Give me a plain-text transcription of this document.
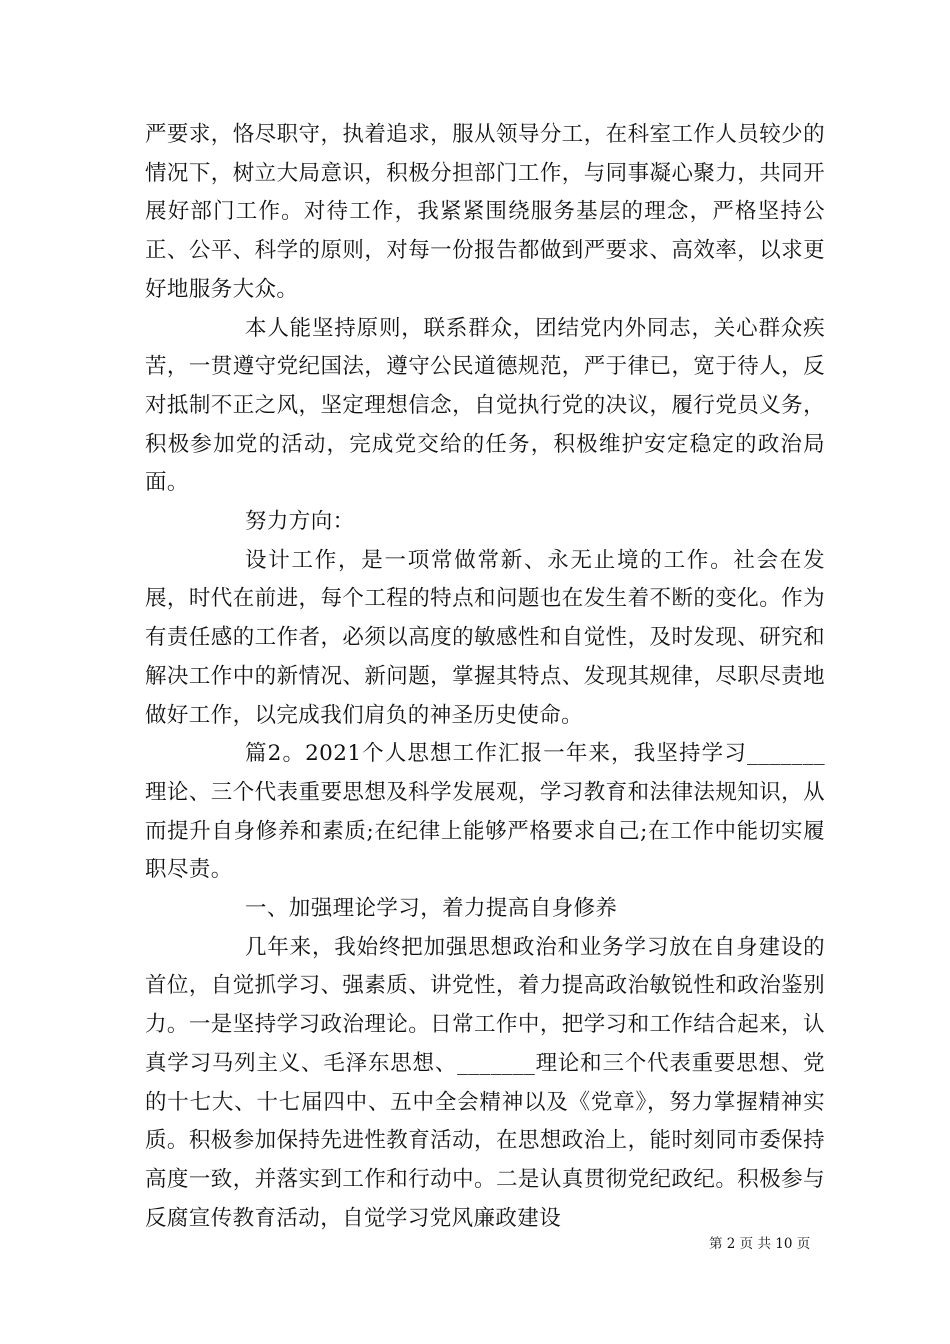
严要求，恪尽职守，执着追求，服从领导分工，在科室工作人员较少的情况下，树立大局意识，积极分担部门工作，与同事凝心聚力，共同开展好部门工作。对待工作，我紧紧围绕服务基层的理念，严格坚持公正、公平、科学的原则，对每一份报告都做到严要求、高效率，以求更好地服务大众。

本人能坚持原则，联系群众，团结党内外同志，关心群众疾苦，一贯遵守党纪国法，遵守公民道德规范，严于律已，宽于待人，反对抵制不正之风，坚定理想信念，自觉执行党的决议，履行党员义务，积极参加党的活动，完成党交给的任务，积极维护安定稳定的政治局面。

努力方向：

设计工作，是一项常做常新、永无止境的工作。社会在发展，时代在前进，每个工程的特点和问题也在发生着不断的变化。作为有责任感的工作者，必须以高度的敏感性和自觉性，及时发现、研究和解决工作中的新情况、新问题，掌握其特点、发现其规律，尽职尽责地做好工作，以完成我们肩负的神圣历史使命。

篇2。2021个人思想工作汇报一年来，我坚持学习_______理论、三个代表重要思想及科学发展观，学习教育和法律法规知识，从而提升自身修养和素质;在纪律上能够严格要求自己;在工作中能切实履职尽责。

一、加强理论学习，着力提高自身修养

几年来，我始终把加强思想政治和业务学习放在自身建设的首位，自觉抓学习、强素质、讲党性，着力提高政治敏锐性和政治鉴别力。一是坚持学习政治理论。日常工作中，把学习和工作结合起来，认真学习马列主义、毛泽东思想、_______理论和三个代表重要思想、党的十七大、十七届四中、五中全会精神以及《党章》，努力掌握精神实质。积极参加保持先进性教育活动，在思想政治上，能时刻同市委保持高度一致，并落实到工作和行动中。二是认真贯彻党纪政纪。积极参与反腐宣传教育活动，自觉学习党风廉政建设

第 2 页 共 10 页
